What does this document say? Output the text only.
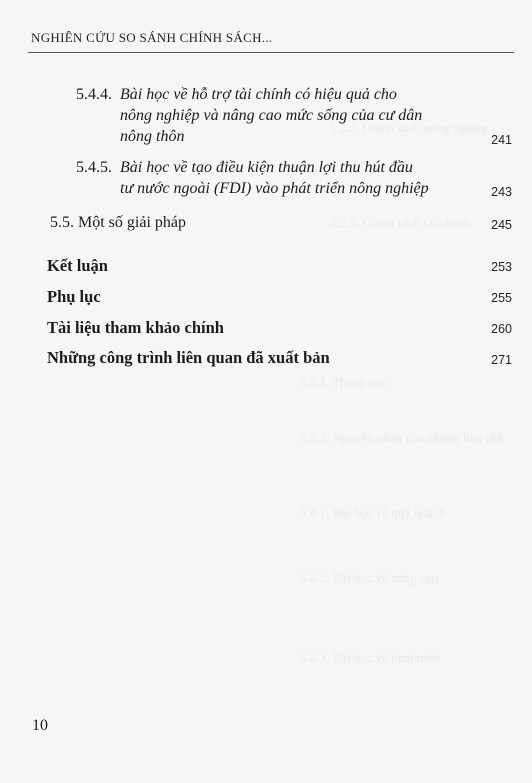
NGHIÊN CỨU SO SÁNH CHÍNH SÁCH...
5.4.4. Bài học về hỗ trợ tài chính có hiệu quả cho
nông nghiệp và nâng cao mức sống của cư dân
nông thôn	241
5.4.5. Bài học về tạo điều kiện thuận lợi thu hút đầu
tư nước ngoài (FDI) vào phát triển nông nghiệp	243
5.5. Một số giải pháp	245
Kết luận	253
Phụ lục	255
Tài liệu tham khảo chính	260
Những công trình liên quan đã xuất bản	271
10
